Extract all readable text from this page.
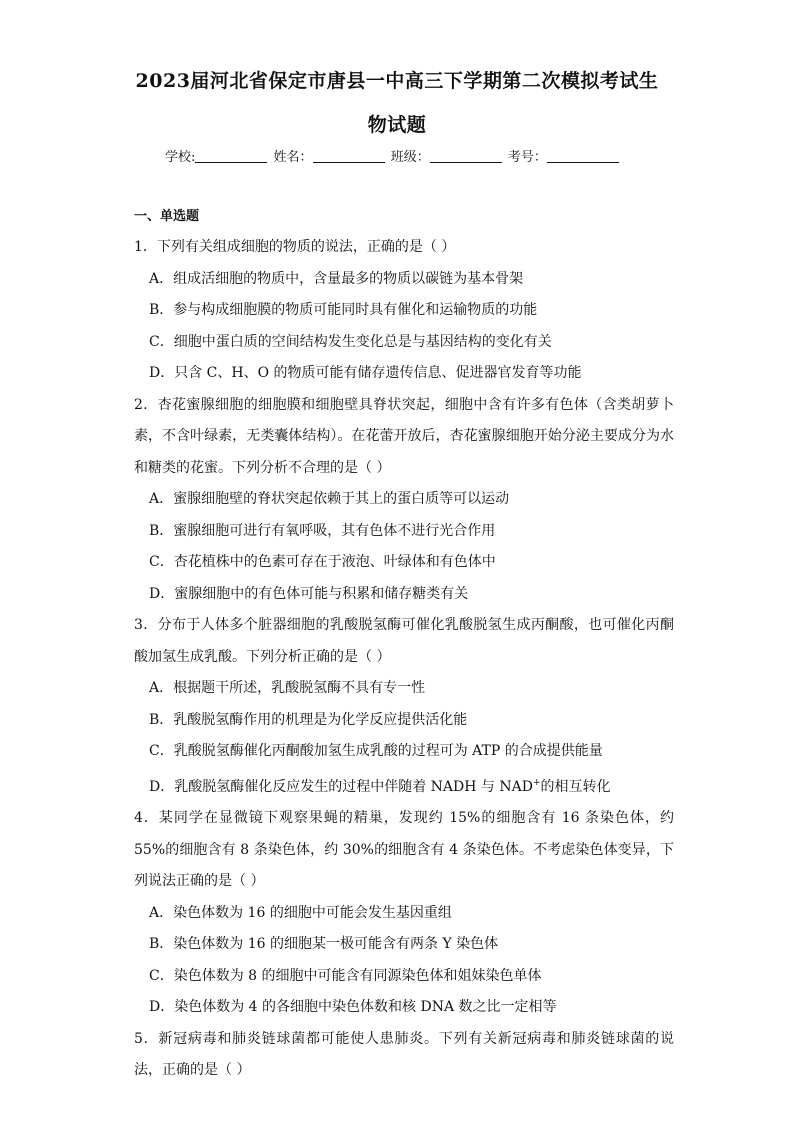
2023届河北省保定市唐县一中高三下学期第二次模拟考试生
物试题
学校:	姓名：	班级：	考号：
一、单选题

1．下列有关组成细胞的物质的说法，正确的是（ ）

A．组成活细胞的物质中，含量最多的物质以碳链为基本骨架

B．参与构成细胞膜的物质可能同时具有催化和运输物质的功能

C．细胞中蛋白质的空间结构发生变化总是与基因结构的变化有关

D．只含 C、H、O 的物质可能有储存遗传信息、促进器官发育等功能

2．杏花蜜腺细胞的细胞膜和细胞壁具脊状突起，细胞中含有许多有色体（含类胡萝卜素，不含叶绿素，无类囊体结构）。在花蕾开放后，杏花蜜腺细胞开始分泌主要成分为水和糖类的花蜜。下列分析不合理的是（ ）

A．蜜腺细胞壁的脊状突起依赖于其上的蛋白质等可以运动

B．蜜腺细胞可进行有氧呼吸，其有色体不进行光合作用

C．杏花植株中的色素可存在于液泡、叶绿体和有色体中

D．蜜腺细胞中的有色体可能与积累和储存糖类有关

3．分布于人体多个脏器细胞的乳酸脱氢酶可催化乳酸脱氢生成丙酮酸，也可催化丙酮酸加氢生成乳酸。下列分析正确的是（ ）

A．根据题干所述，乳酸脱氢酶不具有专一性

B．乳酸脱氢酶作用的机理是为化学反应提供活化能

C．乳酸脱氢酶催化丙酮酸加氢生成乳酸的过程可为 ATP 的合成提供能量

D．乳酸脱氢酶催化反应发生的过程中伴随着 NADH 与 NAD+的相互转化

4．某同学在显微镜下观察果蝇的精巢，发现约 15%的细胞含有 16 条染色体，约 55%的细胞含有 8 条染色体，约 30%的细胞含有 4 条染色体。不考虑染色体变异，下列说法正确的是（ ）

A．染色体数为 16 的细胞中可能会发生基因重组

B．染色体数为 16 的细胞某一极可能含有两条 Y 染色体

C．染色体数为 8 的细胞中可能含有同源染色体和姐妹染色单体

D．染色体数为 4 的各细胞中染色体数和核 DNA 数之比一定相等

5．新冠病毒和肺炎链球菌都可能使人患肺炎。下列有关新冠病毒和肺炎链球菌的说法，正确的是（ ）
